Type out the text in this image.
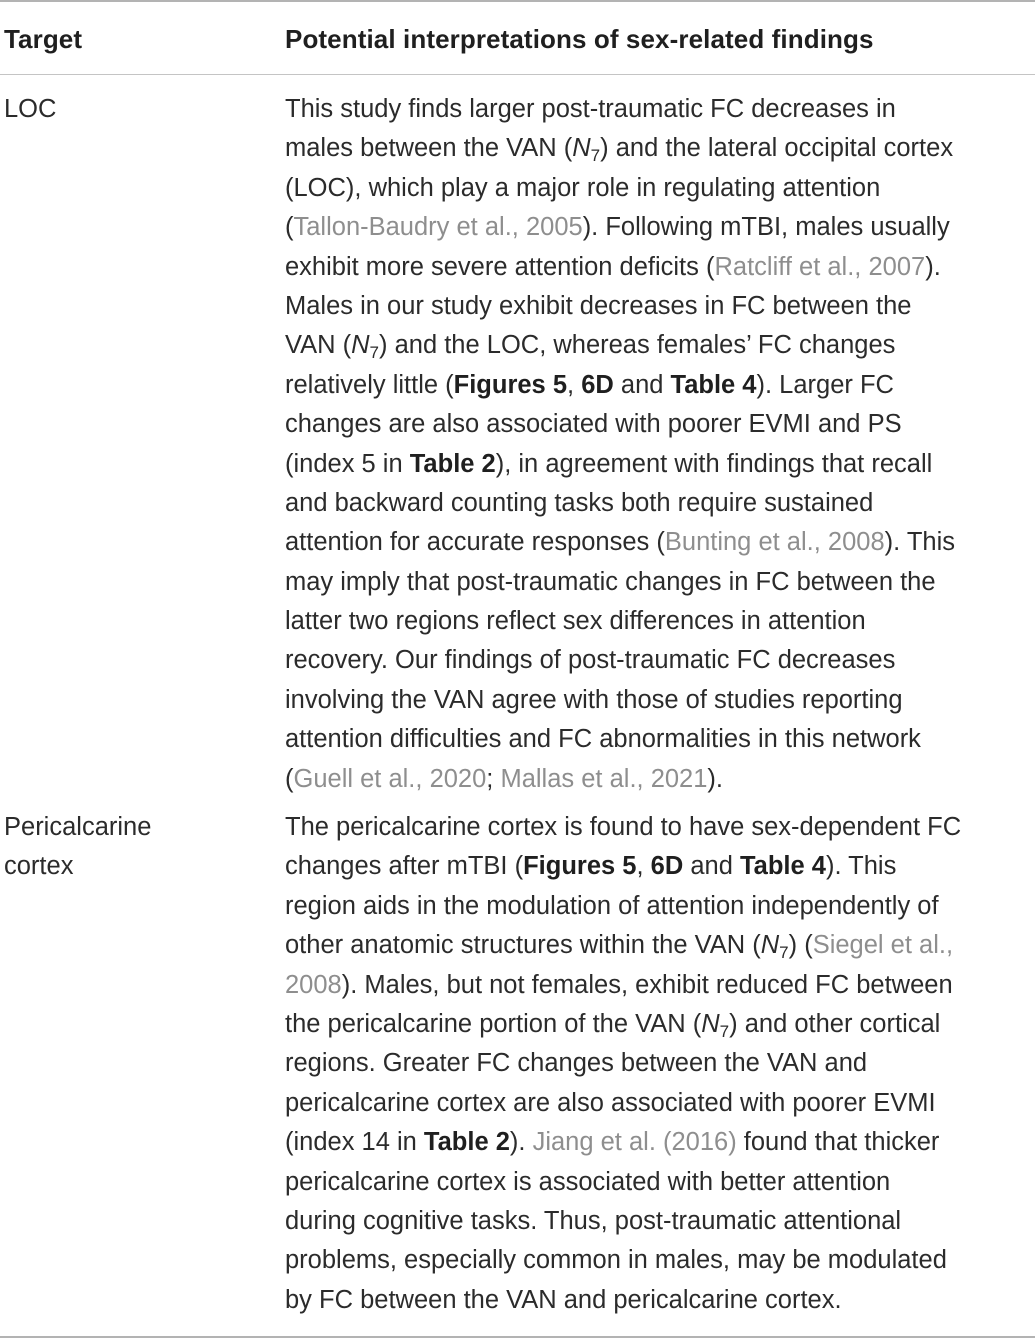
Target	Potential interpretations of sex-related findings
LOC	This study finds larger post-traumatic FC decreases in
males between the VAN $(N_7)$ and the lateral occipital cortex
(LOC), which play a major role in regulating attention
(Tallon-Baudry et al., 2005). Following mTBI, males usually
exhibit more severe attention deficits (Ratcliff et al., 2007).
Males in our study exhibit decreases in FC between the
VAN $(N_7)$ and the LOC, whereas females’ FC changes
relatively little (Figures 5, 6D and Table 4). Larger FC
changes are also associated with poorer EVMI and PS
(index 5 in Table 2), in agreement with findings that recall
and backward counting tasks both require sustained
attention for accurate responses (Bunting et al., 2008). This
may imply that post-traumatic changes in FC between the
latter two regions reflect sex differences in attention
recovery. Our findings of post-traumatic FC decreases
involving the VAN agree with those of studies reporting
attention difficulties and FC abnormalities in this network
(Guell et al., 2020; Mallas et al., 2021).
Pericalcarine
cortex
The pericalcarine cortex is found to have sex-dependent FC
changes after mTBI (Figures 5, 6D and Table 4). This
region aids in the modulation of attention independently of
other anatomic structures within the VAN $(N_7)$ (Siegel et al.,
2008). Males, but not females, exhibit reduced FC between
the pericalcarine portion of the VAN $(N_7)$ and other cortical
regions. Greater FC changes between the VAN and
pericalcarine cortex are also associated with poorer EVMI
(index 14 in Table 2). Jiang et al. (2016) found that thicker
pericalcarine cortex is associated with better attention
during cognitive tasks. Thus, post-traumatic attentional
problems, especially common in males, may be modulated
by FC between the VAN and pericalcarine cortex.
